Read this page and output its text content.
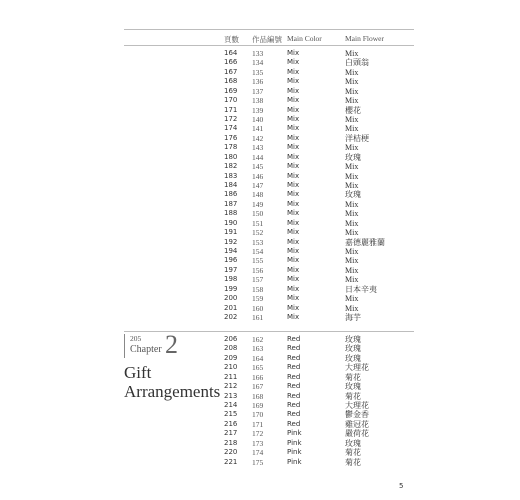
頁數 作品編號 Main Color	Main Flower
164 133	Mix	Mix
166 134	Mix	白頭翁
167 135	Mix	Mix
168 136	Mix	Mix
169 137	Mix	Mix
170 138	Mix	Mix
171 139	Mix	櫻花
172 140	Mix	Mix
174 141	Mix	Mix
176 142	Mix	洋桔梗
178 143	Mix	Mix
180 144	Mix	玫瑰
182 145	Mix	Mix
183 146	Mix	Mix
184 147	Mix	Mix
186 148	Mix	玫瑰
187 149	Mix	Mix
188 150	Mix	Mix
190 151	Mix	Mix
191 152	Mix	Mix
192 153	Mix	嘉德麗雅蘭
194 154	Mix	Mix
196 155	Mix	Mix
197 156	Mix	Mix
198 157	Mix	Mix
199 158	Mix	日本辛夷
200 159	Mix	Mix
201 160	Mix	Mix
202 161	Mix	海芋
206 162	Red	玫瑰
208 163	Red	玫瑰
209 164	Red	玫瑰
210 165	Red	大理花
211 166	Red	菊花
212 167	Red	玫瑰
213 168	Red	菊花
214 169	Red	大理花
215 170	Red	鬱金香
216 171	Red	雞冠花
217 172	Pink	嚴荷花
218 173	Pink	玫瑰
220 174	Pink	菊花
221 175	Pink	菊花
205
Chapter 2
Gift
Arrangements
5
